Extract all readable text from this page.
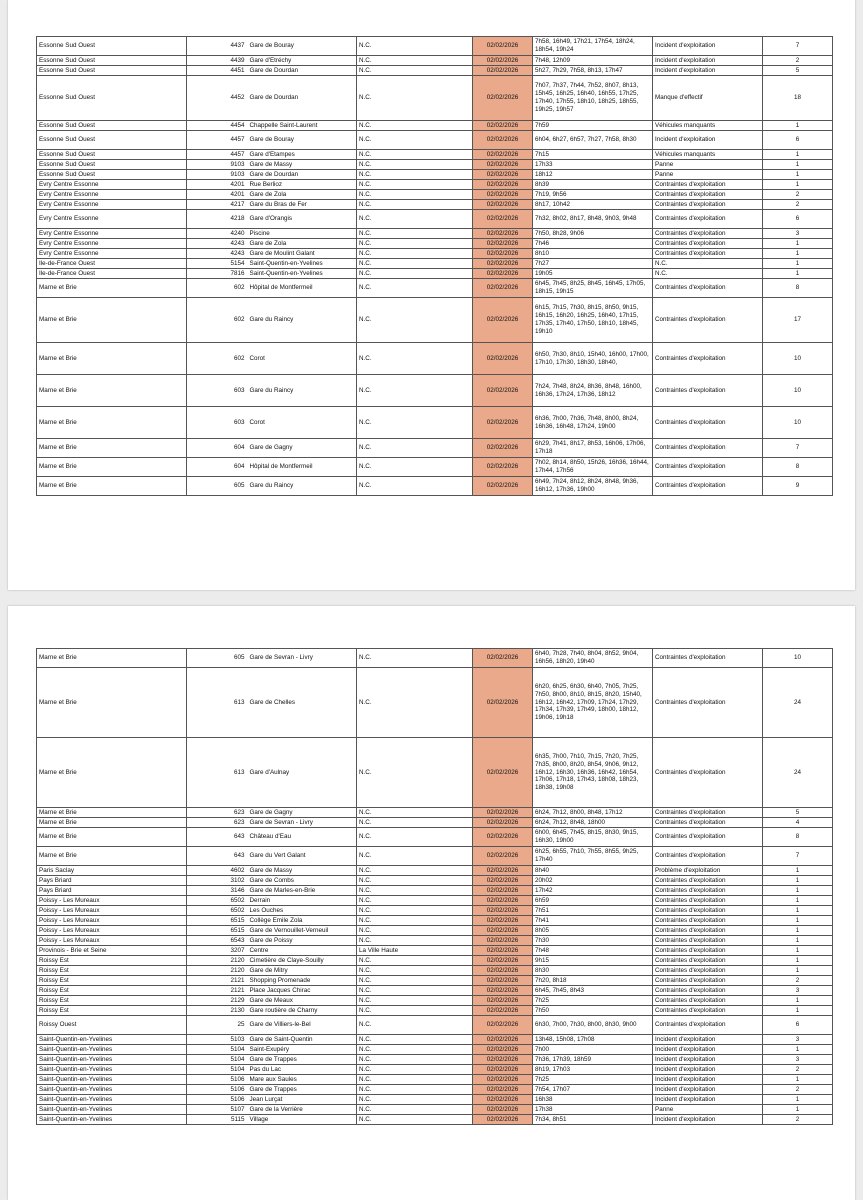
Essonne Sud Ouest	4437	Gare de Bouray	N.C.	02/02/2026	7h58, 16h49, 17h21, 17h54, 18h24, 18h54, 19h24	Incident d'exploitation	7
Essonne Sud Ouest	4439	Gare d'Etréchy	N.C.	02/02/2026	7h48, 12h09	Incident d'exploitation	2
Essonne Sud Ouest	4451	Gare de Dourdan	N.C.	02/02/2026	5h27, 7h29, 7h58, 8h13, 17h47	Incident d'exploitation	5
Essonne Sud Ouest	4452	Gare de Dourdan	N.C.	02/02/2026	7h07, 7h37, 7h44, 7h52, 8h07, 8h13, 15h45, 16h25, 16h40, 16h55, 17h25, 17h40, 17h55, 18h10, 18h25, 18h55, 19h25, 19h57	Manque d'effectif	18
Essonne Sud Ouest	4454	Chappelle Saint-Laurent	N.C.	02/02/2026	7h59	Véhicules manquants	1
Essonne Sud Ouest	4457	Gare de Bouray	N.C.	02/02/2026	6h04, 6h27, 6h57, 7h27, 7h58, 8h30	Incident d'exploitation	6
Essonne Sud Ouest	4457	Gare d'Etampes	N.C.	02/02/2026	7h15	Véhicules manquants	1
Essonne Sud Ouest	9103	Gare de Massy	N.C.	02/02/2026	17h33	Panne	1
Essonne Sud Ouest	9103	Gare de Dourdan	N.C.	02/02/2026	18h12	Panne	1
Evry Centre Essonne	4201	Rue Berlioz	N.C.	02/02/2026	8h39	Contraintes d'exploitation	1
Evry Centre Essonne	4201	Gare de Zola	N.C.	02/02/2026	7h19, 9h56	Contraintes d'exploitation	2
Evry Centre Essonne	4217	Gare du Bras de Fer	N.C.	02/02/2026	8h17, 10h42	Contraintes d'exploitation	2
Evry Centre Essonne	4218	Gare d'Orangis	N.C.	02/02/2026	7h32, 8h02, 8h17, 8h48, 9h03, 9h48	Contraintes d'exploitation	6
Evry Centre Essonne	4240	Piscine	N.C.	02/02/2026	7h50, 8h28, 9h06	Contraintes d'exploitation	3
Evry Centre Essonne	4243	Gare de Zola	N.C.	02/02/2026	7h46	Contraintes d'exploitation	1
Evry Centre Essonne	4243	Gare de Moulint Galant	N.C.	02/02/2026	8h10	Contraintes d'exploitation	1
Ile-de-France Ouest	5154	Saint-Quentin-en-Yvelines	N.C.	02/02/2026	7h27	N.C.	1
Ile-de-France Ouest	7816	Saint-Quentin-en-Yvelines	N.C.	02/02/2026	19h05	N.C.	1
Marne et Brie	602	Hôpital de Montfermeil	N.C.	02/02/2026	6h45, 7h45, 8h25, 8h45, 16h45, 17h05, 18h15, 19h15	Contraintes d'exploitation	8
Marne et Brie	602	Gare du Raincy	N.C.	02/02/2026	6h15, 7h15, 7h30, 8h15, 8h50, 9h15, 16h15, 16h20, 16h25, 16h40, 17h15, 17h35, 17h40, 17h50, 18h10, 18h45, 19h10	Contraintes d'exploitation	17
Marne et Brie	602	Corot	N.C.	02/02/2026	6h50, 7h30, 8h10, 15h40, 16h00, 17h00, 17h10, 17h30, 18h30, 18h40,	Contraintes d'exploitation	10
Marne et Brie	603	Gare du Raincy	N.C.	02/02/2026	7h24, 7h48, 8h24, 8h36, 8h48, 16h00, 16h36, 17h24, 17h36, 18h12	Contraintes d'exploitation	10
Marne et Brie	603	Corot	N.C.	02/02/2026	6h36, 7h00, 7h36, 7h48, 8h00, 8h24, 16h36, 16h48, 17h24, 19h00	Contraintes d'exploitation	10
Marne et Brie	604	Gare de Gagny	N.C.	02/02/2026	6h29, 7h41, 8h17, 8h53, 16h06, 17h06, 17h18	Contraintes d'exploitation	7
Marne et Brie	604	Hôpital de Montfermeil	N.C.	02/02/2026	7h02, 8h14, 8h50, 15h26, 16h36, 16h44, 17h44, 17h56	Contraintes d'exploitation	8
Marne et Brie	605	Gare du Raincy	N.C.	02/02/2026	6h49, 7h24, 8h12, 8h24, 8h48, 9h36, 16h12, 17h36, 19h00	Contraintes d'exploitation	9
Marne et Brie	605	Gare de Sevran - Livry	N.C.	02/02/2026	6h40, 7h28, 7h40, 8h04, 8h52, 9h04, 16h56, 18h20, 19h40	Contraintes d'exploitation	10
Marne et Brie	613	Gare de Chelles	N.C.	02/02/2026	6h20, 6h25, 6h30, 6h40, 7h05, 7h25, 7h50, 8h00, 8h10, 8h15, 8h20, 15h40, 16h12, 16h42, 17h09, 17h24, 17h29, 17h34, 17h39, 17h49, 18h00, 18h12, 19h06, 19h18	Contraintes d'exploitation	24
Marne et Brie	613	Gare d'Aulnay	N.C.	02/02/2026	6h35, 7h00, 7h10, 7h15, 7h20, 7h25, 7h35, 8h00, 8h20, 8h54, 9h06, 9h12, 16h12, 16h30, 16h36, 16h42, 16h54, 17h06, 17h18, 17h43, 18h08, 18h23, 18h38, 19h08	Contraintes d'exploitation	24
Marne et Brie	623	Gare de Gagny	N.C.	02/02/2026	6h24, 7h12, 8h00, 8h48, 17h12	Contraintes d'exploitation	5
Marne et Brie	623	Gare de Sevran - Livry	N.C.	02/02/2026	6h24, 7h12, 8h48, 18h00	Contraintes d'exploitation	4
Marne et Brie	643	Château d'Eau	N.C.	02/02/2026	6h00, 6h45, 7h45, 8h15, 8h30, 9h15, 16h30, 19h00	Contraintes d'exploitation	8
Marne et Brie	643	Gare du Vert Galant	N.C.	02/02/2026	6h25, 6h55, 7h10, 7h55, 8h55, 9h25, 17h40	Contraintes d'exploitation	7
Paris Saclay	4602	Gare de Massy	N.C.	02/02/2026	8h40	Problème d'exploitation	1
Pays Briard	3102	Gare de Combs	N.C.	02/02/2026	20h02	Contraintes d'exploitation	1
Pays Briard	3146	Gare de Marles-en-Brie	N.C.	02/02/2026	17h42	Contraintes d'exploitation	1
Poissy - Les Mureaux	6502	Derrain	N.C.	02/02/2026	6h59	Contraintes d'exploitation	1
Poissy - Les Mureaux	6502	Les Ouches	N.C.	02/02/2026	7h51	Contraintes d'exploitation	1
Poissy - Les Mureaux	6515	Collège Emile Zola	N.C.	02/02/2026	7h41	Contraintes d'exploitation	1
Poissy - Les Mureaux	6515	Gare de Vernouillet-Verneuil	N.C.	02/02/2026	8h05	Contraintes d'exploitation	1
Poissy - Les Mureaux	6543	Gare de Poissy	N.C.	02/02/2026	7h30	Contraintes d'exploitation	1
Provinois - Brie et Seine	3207	Centre	La Ville Haute	02/02/2026	7h48	Contraintes d'exploitation	1
Roissy Est	2120	Cimetière de Claye-Souilly	N.C.	02/02/2026	9h15	Contraintes d'exploitation	1
Roissy Est	2120	Gare de Mitry	N.C.	02/02/2026	8h30	Contraintes d'exploitation	1
Roissy Est	2121	Shopping Promenade	N.C.	02/02/2026	7h20, 8h18	Contraintes d'exploitation	2
Roissy Est	2121	Place Jacques Chirac	N.C.	02/02/2026	6h45, 7h45, 8h43	Contraintes d'exploitation	3
Roissy Est	2129	Gare de Meaux	N.C.	02/02/2026	7h25	Contraintes d'exploitation	1
Roissy Est	2130	Gare routière de Charny	N.C.	02/02/2026	7h50	Contraintes d'exploitation	1
Roissy Ouest	25	Gare de Villiers-le-Bel	N.C.	02/02/2026	6h30, 7h00, 7h30, 8h00, 8h30, 9h00	Contraintes d'exploitation	6
Saint-Quentin-en-Yvelines	5103	Gare de Saint-Quentin	N.C.	02/02/2026	13h48, 15h08, 17h08	Incident d'exploitation	3
Saint-Quentin-en-Yvelines	5104	Saint-Exupéry	N.C.	02/02/2026	7h00	Incident d'exploitation	1
Saint-Quentin-en-Yvelines	5104	Gare de Trappes	N.C.	02/02/2026	7h36, 17h39, 18h59	Incident d'exploitation	3
Saint-Quentin-en-Yvelines	5104	Pas du Lac	N.C.	02/02/2026	8h19, 17h03	Incident d'exploitation	2
Saint-Quentin-en-Yvelines	5106	Mare aux Saules	N.C.	02/02/2026	7h25	Incident d'exploitation	1
Saint-Quentin-en-Yvelines	5106	Gare de Trappes	N.C.	02/02/2026	7h54, 17h07	Incident d'exploitation	2
Saint-Quentin-en-Yvelines	5106	Jean Lurçat	N.C.	02/02/2026	16h38	Incident d'exploitation	1
Saint-Quentin-en-Yvelines	5107	Gare de la Verrière	N.C.	02/02/2026	17h38	Panne	1
Saint-Quentin-en-Yvelines	5115	Village	N.C.	02/02/2026	7h34, 8h51	Incident d'exploitation	2
